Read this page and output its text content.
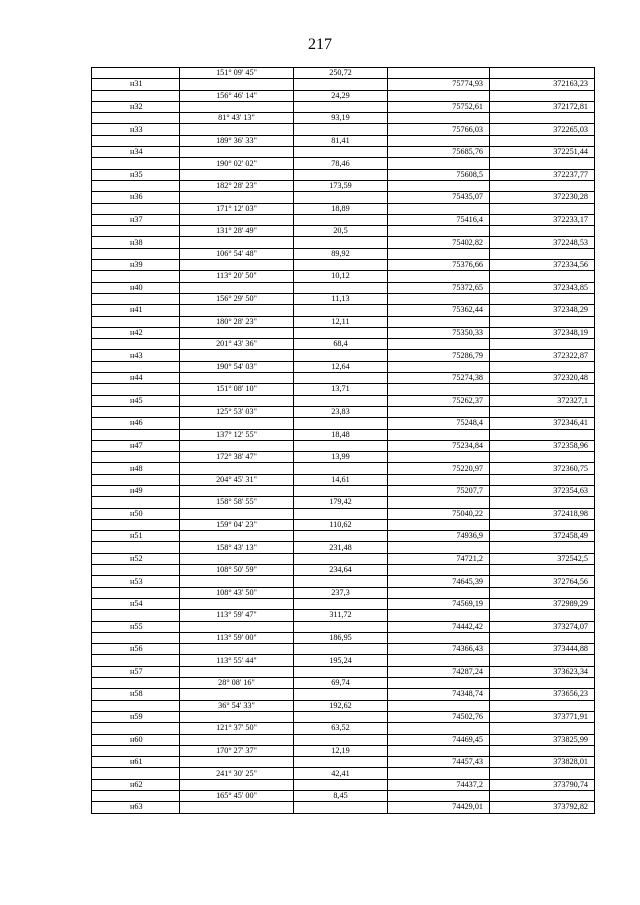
217
	151° 09' 45"	250,72		
н31			75774,93	372163,23
	156° 46' 14"	24,29		
н32			75752,61	372172,81
	81° 43' 13"	93,19		
н33			75766,03	372265,03
	189° 36' 33"	81,41		
н34			75685,76	372251,44
	190° 02' 02"	78,46		
н35			75608,5	372237,77
	182° 28' 23"	173,59		
н36			75435,07	372230,28
	171° 12' 03"	18,89		
н37			75416,4	372233,17
	131° 28' 49"	20,5		
н38			75402,82	372248,53
	106° 54' 48"	89,92		
н39			75376,66	372334,56
	113° 20' 50"	10,12		
н40			75372,65	372343,85
	156° 29' 50"	11,13		
н41			75362,44	372348,29
	180° 28' 23"	12,11		
н42			75350,33	372348,19
	201° 43' 36"	68,4		
н43			75286,79	372322,87
	190° 54' 03"	12,64		
н44			75274,38	372320,48
	151° 08' 10"	13,71		
н45			75262,37	372327,1
	125° 53' 03"	23,83		
н46			75248,4	372346,41
	137° 12' 55"	18,48		
н47			75234,84	372358,96
	172° 38' 47"	13,99		
н48			75220,97	372360,75
	204° 45' 31"	14,61		
н49			75207,7	372354,63
	158° 58' 55"	179,42		
н50			75040,22	372418,98
	159° 04' 23"	110,62		
н51			74936,9	372458,49
	158° 43' 13"	231,48		
н52			74721,2	372542,5
	108° 50' 59"	234,64		
н53			74645,39	372764,56
	108° 43' 50"	237,3		
н54			74569,19	372989,29
	113° 59' 47"	311,72		
н55			74442,42	373274,07
	113° 59' 00"	186,95		
н56			74366,43	373444,88
	113° 55' 44"	195,24		
н57			74287,24	373623,34
	28° 08' 16"	69,74		
н58			74348,74	373656,23
	36° 54' 33"	192,62		
н59			74502,76	373771,91
	121° 37' 50"	63,52		
н60			74469,45	373825,99
	170° 27' 37"	12,19		
н61			74457,43	373828,01
	241° 30' 25"	42,41		
н62			74437,2	373790,74
	165° 45' 00"	8,45		
н63			74429,01	373792,82
